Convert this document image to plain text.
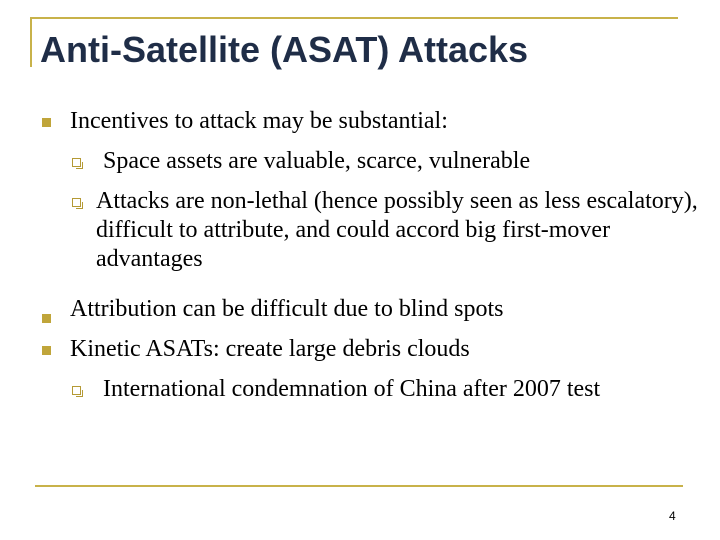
Anti-Satellite (ASAT) Attacks
Incentives to attack may be substantial:
Space assets are valuable, scarce, vulnerable
Attacks are non-lethal (hence possibly seen as less escalatory), difficult to attribute, and could accord big first-mover advantages
Attribution can be difficult due to blind spots
Kinetic ASATs: create large debris clouds
International condemnation of China after 2007 test
4
